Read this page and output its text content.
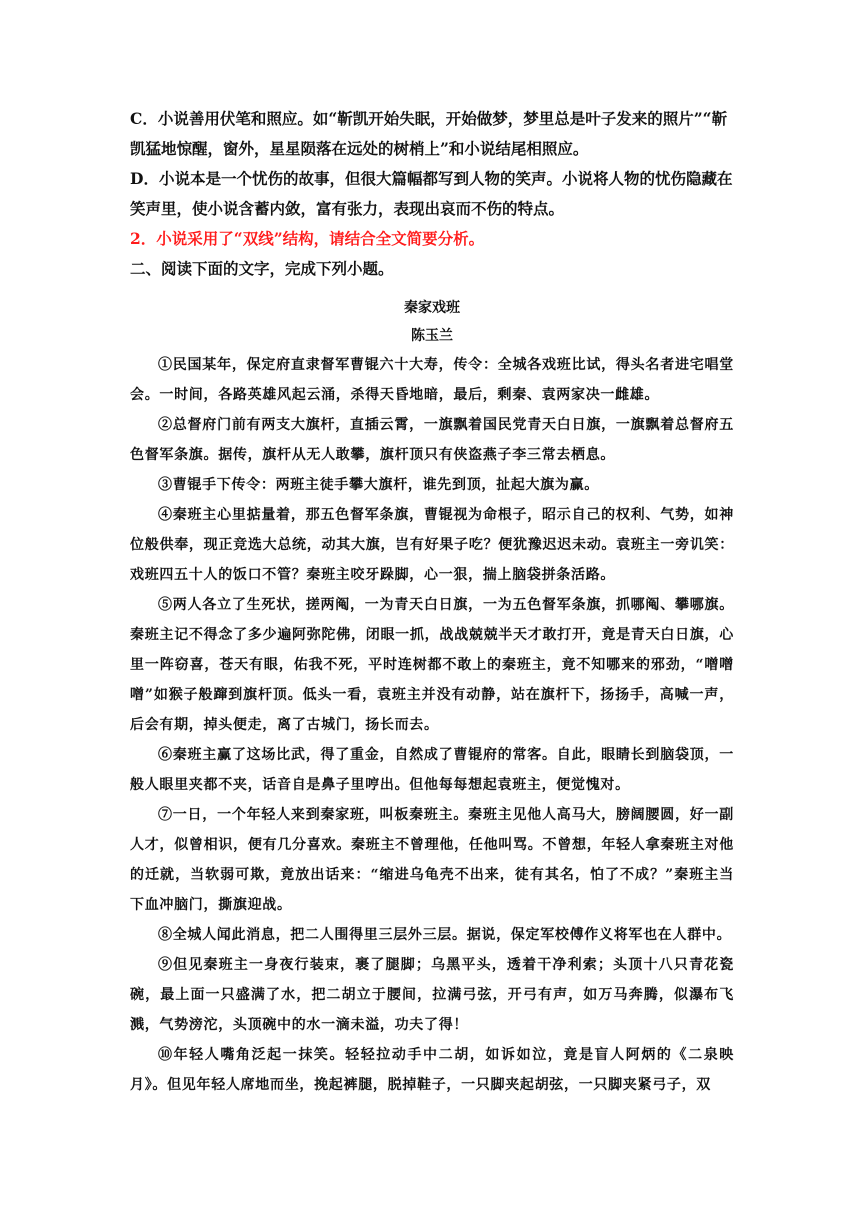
C．小说善用伏笔和照应。如“靳凯开始失眠，开始做梦，梦里总是叶子发来的照片”“靳凯猛地惊醒，窗外，星星陨落在远处的树梢上”和小说结尾相照应。

D．小说本是一个忧伤的故事，但很大篇幅都写到人物的笑声。小说将人物的忧伤隐藏在笑声里，使小说含蓄内敛，富有张力，表现出哀而不伤的特点。

2．小说采用了“双线”结构，请结合全文简要分析。

二、阅读下面的文字，完成下列小题。

秦家戏班

陈玉兰

①民国某年，保定府直隶督军曹锟六十大寿，传令：全城各戏班比试，得头名者进宅唱堂会。一时间，各路英雄风起云涌，杀得天昏地暗，最后，剩秦、袁两家决一雌雄。

②总督府门前有两支大旗杆，直插云霄，一旗飘着国民党青天白日旗，一旗飘着总督府五色督军条旗。据传，旗杆从无人敢攀，旗杆顶只有侠盗燕子李三常去栖息。

③曹锟手下传令：两班主徒手攀大旗杆，谁先到顶，扯起大旗为赢。

④秦班主心里掂量着，那五色督军条旗，曹锟视为命根子，昭示自己的权利、气势，如神位般供奉，现正竞选大总统，动其大旗，岂有好果子吃？便犹豫迟迟未动。袁班主一旁讥笑：戏班四五十人的饭口不管？秦班主咬牙跺脚，心一狠，揣上脑袋拼条活路。

⑤两人各立了生死状，搓两阄，一为青天白日旗，一为五色督军条旗，抓哪阄、攀哪旗。秦班主记不得念了多少遍阿弥陀佛，闭眼一抓，战战兢兢半天才敢打开，竟是青天白日旗，心里一阵窃喜，苍天有眼，佑我不死，平时连树都不敢上的秦班主，竟不知哪来的邪劲，“噌噌噌”如猴子般蹿到旗杆顶。低头一看，袁班主并没有动静，站在旗杆下，扬扬手，高喊一声，后会有期，掉头便走，离了古城门，扬长而去。

⑥秦班主赢了这场比武，得了重金，自然成了曹锟府的常客。自此，眼睛长到脑袋顶，一般人眼里夹都不夹，话音自是鼻子里哼出。但他每每想起袁班主，便觉愧对。

⑦一日，一个年轻人来到秦家班，叫板秦班主。秦班主见他人高马大，膀阔腰圆，好一副人才，似曾相识，便有几分喜欢。秦班主不曾理他，任他叫骂。不曾想，年轻人拿秦班主对他的迁就，当软弱可欺，竟放出话来：“缩进乌龟壳不出来，徒有其名，怕了不成？”秦班主当下血冲脑门，撕旗迎战。

⑧全城人闻此消息，把二人围得里三层外三层。据说，保定军校傅作义将军也在人群中。

⑨但见秦班主一身夜行装束，裹了腿脚；乌黑平头，透着干净利索；头顶十八只青花瓷碗，最上面一只盛满了水，把二胡立于腰间，拉满弓弦，开弓有声，如万马奔腾，似瀑布飞溅，气势滂沱，头顶碗中的水一滴未溢，功夫了得！

⑩年轻人嘴角泛起一抹笑。轻轻拉动手中二胡，如诉如泣，竟是盲人阿炳的《二泉映月》。但见年轻人席地而坐，挽起裤腿，脱掉鞋子，一只脚夹起胡弦，一只脚夹紧弓子，双
